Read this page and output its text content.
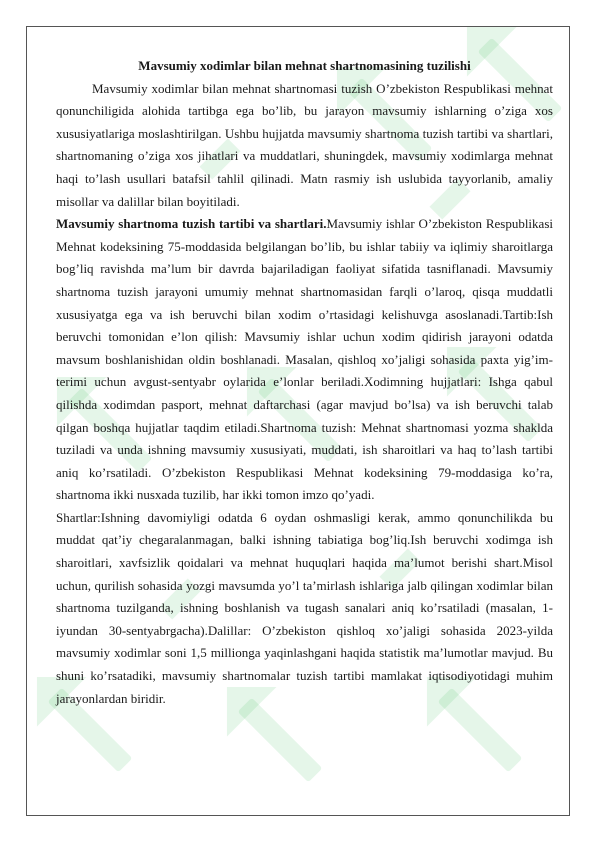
Mavsumiy xodimlar bilan mehnat shartnomasining tuzilishi

Mavsumiy xodimlar bilan mehnat shartnomasi tuzish O’zbekiston Respublikasi mehnat qonunchiligida alohida tartibga ega bo’lib, bu jarayon mavsumiy ishlarning o’ziga xos xususiyatlariga moslashtirilgan. Ushbu hujjatda mavsumiy shartnoma tuzish tartibi va shartlari, shartnomaning o’ziga xos jihatlari va muddatlari, shuningdek, mavsumiy xodimlarga mehnat haqi to’lash usullari batafsil tahlil qilinadi. Matn rasmiy ish uslubida tayyorlanib, amaliy misollar va dalillar bilan boyitiladi.

Mavsumiy shartnoma tuzish tartibi va shartlari.Mavsumiy ishlar O’zbekiston Respublikasi Mehnat kodeksining 75-moddasida belgilangan bo’lib, bu ishlar tabiiy va iqlimiy sharoitlarga bog’liq ravishda ma’lum bir davrda bajariladigan faoliyat sifatida tasniflanadi. Mavsumiy shartnoma tuzish jarayoni umumiy mehnat shartnomasidan farqli o’laroq, qisqa muddatli xususiyatga ega va ish beruvchi bilan xodim o’rtasidagi kelishuvga asoslanadi.Tartib:Ish beruvchi tomonidan e’lon qilish: Mavsumiy ishlar uchun xodim qidirish jarayoni odatda mavsum boshlanishidan oldin boshlanadi. Masalan, qishloq xo’jaligi sohasida paxta yig’im-terimi uchun avgust-sentyabr oylarida e’lonlar beriladi.Xodimning hujjatlari: Ishga qabul qilishda xodimdan pasport, mehnat daftarchasi (agar mavjud bo’lsa) va ish beruvchi talab qilgan boshqa hujjatlar taqdim etiladi.Shartnoma tuzish: Mehnat shartnomasi yozma shaklda tuziladi va unda ishning mavsumiy xususiyati, muddati, ish sharoitlari va haq to’lash tartibi aniq ko’rsatiladi. O’zbekiston Respublikasi Mehnat kodeksining 79-moddasiga ko’ra, shartnoma ikki nusxada tuzilib, har ikki tomon imzo qo’yadi.

Shartlar:Ishning davomiyligi odatda 6 oydan oshmasligi kerak, ammo qonunchilikda bu muddat qat’iy chegaralanmagan, balki ishning tabiatiga bog’liq.Ish beruvchi xodimga ish sharoitlari, xavfsizlik qoidalari va mehnat huquqlari haqida ma’lumot berishi shart.Misol uchun, qurilish sohasida yozgi mavsumda yo’l ta’mirlash ishlariga jalb qilingan xodimlar bilan shartnoma tuzilganda, ishning boshlanish va tugash sanalari aniq ko’rsatiladi (masalan, 1-iyundan 30-sentyabrgacha).Dalillar: O’zbekiston qishloq xo’jaligi sohasida 2023-yilda mavsumiy xodimlar soni 1,5 millionga yaqinlashgani haqida statistik ma’lumotlar mavjud. Bu shuni ko’rsatadiki, mavsumiy shartnomalar tuzish tartibi mamlakat iqtisodiyotidagi muhim jarayonlardan biridir.
